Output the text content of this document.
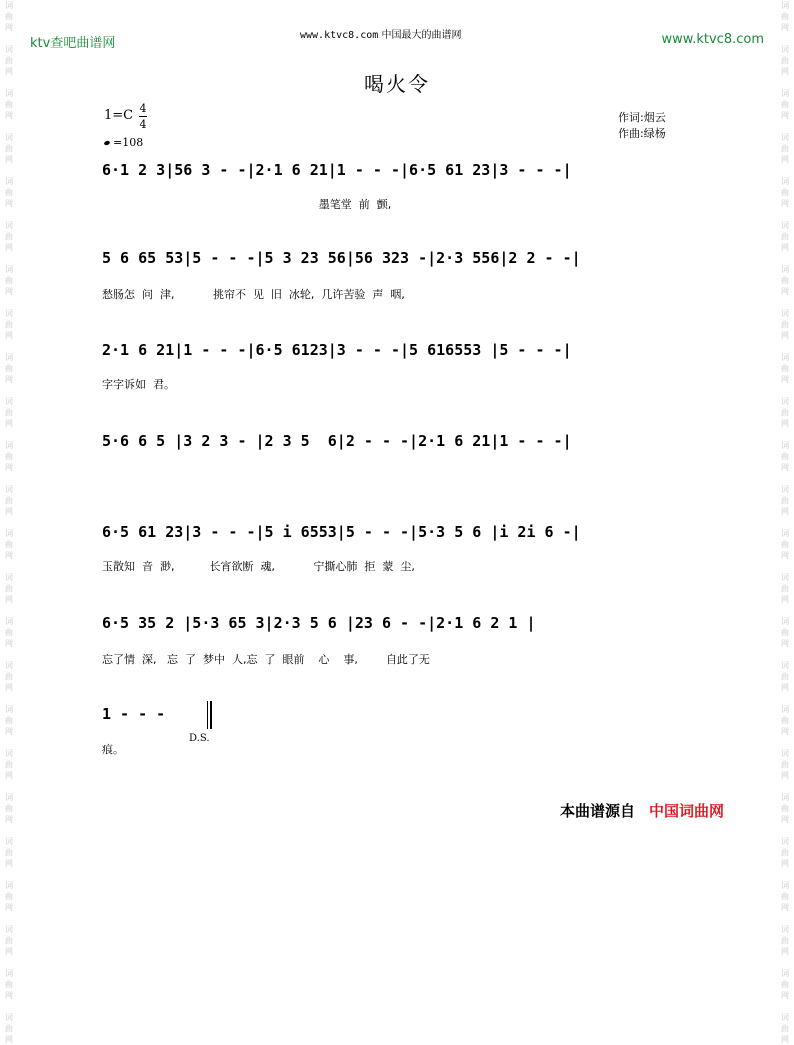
词
曲
网

词
曲
网

词
曲
网

词
曲
网

词
曲
网

词
曲
网

词
曲
网

词
曲
网

词
曲
网

词
曲
网

词
曲
网

词
曲
网

词
曲
网

词
曲
网

词
曲
网

词
曲
网

词
曲
网

词
曲
网

词
曲
网

词
曲
网

词
曲
网

词
曲
网

词
曲
网

词
曲
网

词
曲
网

词
曲
网

词
曲
网

词
曲
网

词
曲
网

词
曲
网

词
曲
网

词
曲
网

词
曲
网

词
曲
网

词
曲
网

词
曲
网

词
曲
网

词
曲
网

词
曲
网

词
曲
网

词
曲
网

词
曲
网

词
曲
网

词
曲
网

词
曲
网

词
曲
网

词
曲
网

词
曲
网

ktv查吧曲谱网
www.ktvc8.com 中国最大的曲谱网	www.ktvc8.com
喝火令
1=C 4
4
=108
作词:烟云
作曲:绿杨
6·1 2 3|56 3 - -|2·1 6 21|1 - - -|6·5 61 23|3 - - -|
墨笔堂  前  颤,
5 6 65 53|5 - - -|5 3 23 56|56 323 -|2·3 556|2 2 - -|
愁肠怎  问  津,           挑帘不  见  旧  冰轮,  几许苦验  声  咽,
2·1 6 21|1 - - -|6·5 6123|3 - - -|5 616553 |5 - - -|
字字诉如  君。
5·6 6 5 |3 2 3 - |2 3 5  6|2 - - -|2·1 6 21|1 - - -|
6·5 61 23|3 - - -|5 i 6553|5 - - -|5·3 5 6 |i 2i 6 -|
玉散知  音  渺,          长宵欲断  魂,           宁撕心肺  拒  蒙  尘,
6·5 35 2 |5·3 65 3|2·3 5 6 |23 6 - -|2·1 6 2 1 |
忘了情  深,   忘  了  梦中  人,忘  了  眼前    心    事,        自此了无
1 - - -
痕。
D.S.
本曲谱源自 中国词曲网
